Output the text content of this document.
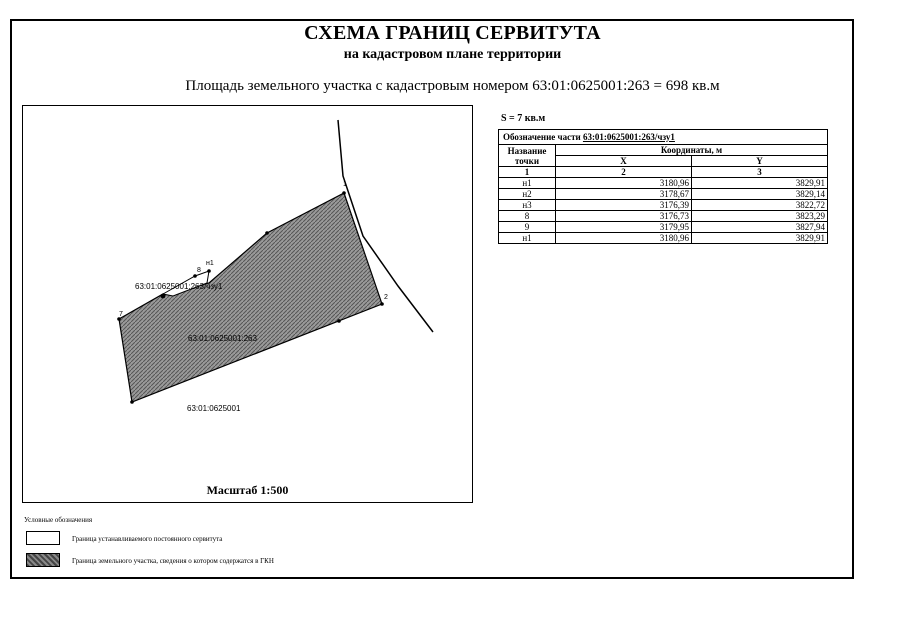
СХЕМА ГРАНИЦ СЕРВИТУТА
на кадастровом плане территории
Площадь земельного участка с кадастровым номером 63:01:0625001:263 = 698 кв.м
1
2
7
8
н1
63:01:0625001:263/чзу1
63:01:0625001:263
63:01:0625001
Масштаб 1:500
S = 7 кв.м
Обозначение части 63:01:0625001:263/чзу1		
Название точки	Координаты, м	
	X	Y
1	2	3
н1	3180,96	3829,91
н2	3178,67	3829,14
н3	3176,39	3822,72
8	3176,73	3823,29
9	3179,95	3827,94
н1	3180,96	3829,91
Условные обозначения
Граница устанавливаемого постоянного сервитута
Граница земельного участка, сведения о котором содержатся в ГКН
